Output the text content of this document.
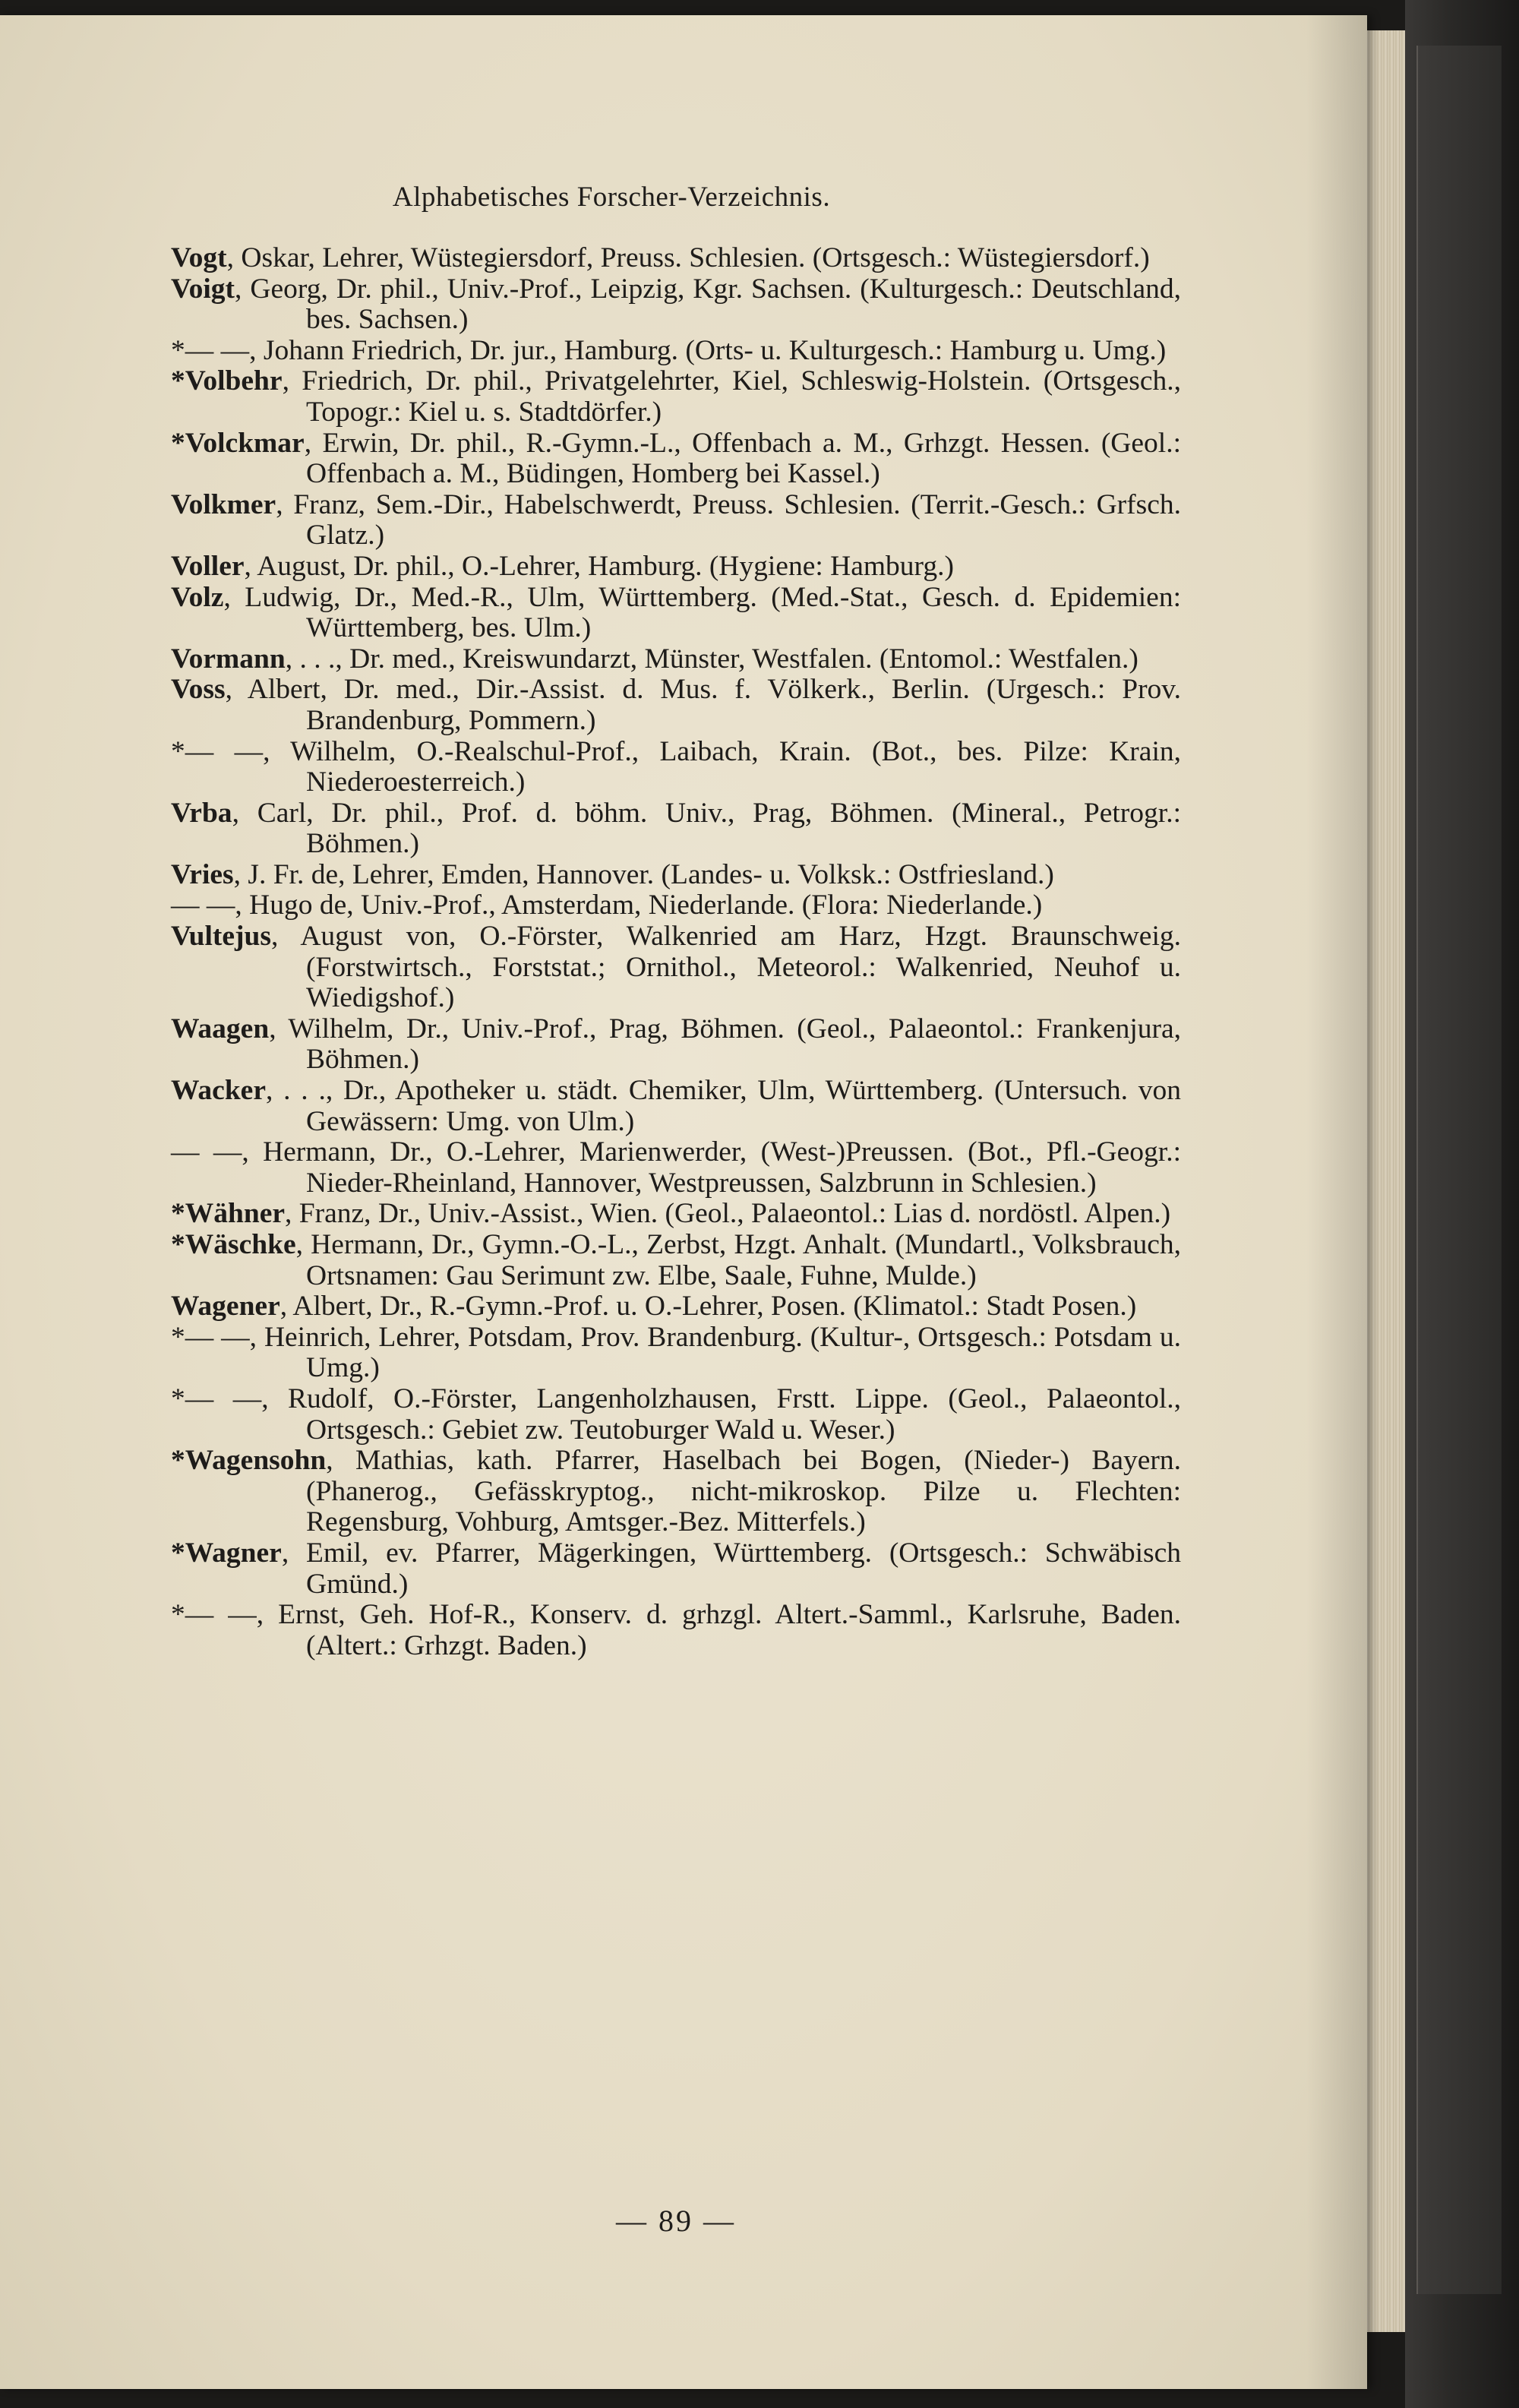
Alphabetisches Forscher-Verzeichnis.

Vogt, Oskar, Lehrer, Wüstegiersdorf, Preuss. Schlesien. (Ortsgesch.: Wüstegiersdorf.)

Voigt, Georg, Dr. phil., Univ.-Prof., Leipzig, Kgr. Sachsen. (Kulturgesch.: Deutschland, bes. Sachsen.)

*— —, Johann Friedrich, Dr. jur., Hamburg. (Orts- u. Kulturgesch.: Hamburg u. Umg.)

*Volbehr, Friedrich, Dr. phil., Privatgelehrter, Kiel, Schleswig-Holstein. (Ortsgesch., Topogr.: Kiel u. s. Stadtdörfer.)

*Volckmar, Erwin, Dr. phil., R.-Gymn.-L., Offenbach a. M., Grhzgt. Hessen. (Geol.: Offenbach a. M., Büdingen, Homberg bei Kassel.)

Volkmer, Franz, Sem.-Dir., Habelschwerdt, Preuss. Schlesien. (Territ.-Gesch.: Grfsch. Glatz.)

Voller, August, Dr. phil., O.-Lehrer, Hamburg. (Hygiene: Hamburg.)

Volz, Ludwig, Dr., Med.-R., Ulm, Württemberg. (Med.-Stat., Gesch. d. Epidemien: Württemberg, bes. Ulm.)

Vormann, . . ., Dr. med., Kreiswundarzt, Münster, Westfalen. (Entomol.: Westfalen.)

Voss, Albert, Dr. med., Dir.-Assist. d. Mus. f. Völkerk., Berlin. (Urgesch.: Prov. Brandenburg, Pommern.)

*— —, Wilhelm, O.-Realschul-Prof., Laibach, Krain. (Bot., bes. Pilze: Krain, Niederoesterreich.)

Vrba, Carl, Dr. phil., Prof. d. böhm. Univ., Prag, Böhmen. (Mineral., Petrogr.: Böhmen.)

Vries, J. Fr. de, Lehrer, Emden, Hannover. (Landes- u. Volksk.: Ostfriesland.)

— —, Hugo de, Univ.-Prof., Amsterdam, Niederlande. (Flora: Niederlande.)

Vultejus, August von, O.-Förster, Walkenried am Harz, Hzgt. Braunschweig. (Forstwirtsch., Forststat.; Ornithol., Meteorol.: Walkenried, Neuhof u. Wiedigshof.)

Waagen, Wilhelm, Dr., Univ.-Prof., Prag, Böhmen. (Geol., Palaeontol.: Frankenjura, Böhmen.)

Wacker, . . ., Dr., Apotheker u. städt. Chemiker, Ulm, Württemberg. (Untersuch. von Gewässern: Umg. von Ulm.)

— —, Hermann, Dr., O.-Lehrer, Marienwerder, (West-)Preussen. (Bot., Pfl.-Geogr.: Nieder-Rheinland, Hannover, Westpreussen, Salzbrunn in Schlesien.)

*Wähner, Franz, Dr., Univ.-Assist., Wien. (Geol., Palaeontol.: Lias d. nordöstl. Alpen.)

*Wäschke, Hermann, Dr., Gymn.-O.-L., Zerbst, Hzgt. Anhalt. (Mundartl., Volksbrauch, Ortsnamen: Gau Serimunt zw. Elbe, Saale, Fuhne, Mulde.)

Wagener, Albert, Dr., R.-Gymn.-Prof. u. O.-Lehrer, Posen. (Klimatol.: Stadt Posen.)

*— —, Heinrich, Lehrer, Potsdam, Prov. Brandenburg. (Kultur-, Ortsgesch.: Potsdam u. Umg.)

*— —, Rudolf, O.-Förster, Langenholzhausen, Frstt. Lippe. (Geol., Palaeontol., Ortsgesch.: Gebiet zw. Teutoburger Wald u. Weser.)

*Wagensohn, Mathias, kath. Pfarrer, Haselbach bei Bogen, (Nieder-) Bayern. (Phanerog., Gefässkryptog., nicht-mikroskop. Pilze u. Flechten: Regensburg, Vohburg, Amtsger.-Bez. Mitterfels.)

*Wagner, Emil, ev. Pfarrer, Mägerkingen, Württemberg. (Ortsgesch.: Schwäbisch Gmünd.)

*— —, Ernst, Geh. Hof-R., Konserv. d. grhzgl. Altert.-Samml., Karlsruhe, Baden. (Altert.: Grhzgt. Baden.)

— 89 —
